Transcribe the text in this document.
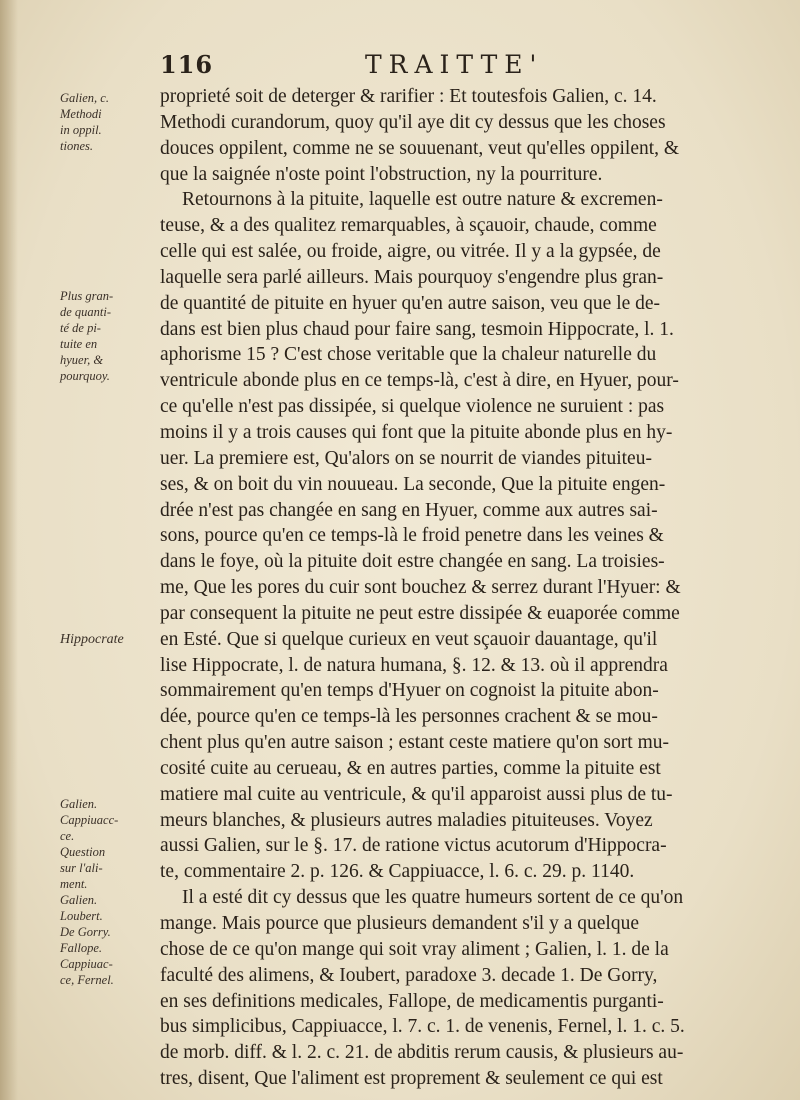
116	TRAITTE'
Galien, c.
Methodi
in oppil.
tiones.
Plus gran-
de quanti-
té de pi-
tuite en
hyuer, &
pourquoy.
Hippocrate
Galien.
Cappiuacc-
ce.
Question
sur l'ali-
ment.
Galien.
Loubert.
De Gorry.
Fallope.
Cappiuac-
ce, Fernel.
proprieté soit de deterger & rarifier : Et toutesfois Galien, c. 14.
Methodi curandorum, quoy qu'il aye dit cy dessus que les choses
douces oppilent, comme ne se souuenant, veut qu'elles oppilent, &
que la saignée n'oste point l'obstruction, ny la pourriture.
Retournons à la pituite, laquelle est outre nature & excremen-
teuse, & a des qualitez remarquables, à sçauoir, chaude, comme
celle qui est salée, ou froide, aigre, ou vitrée. Il y a la gypsée, de
laquelle sera parlé ailleurs. Mais pourquoy s'engendre plus gran-
de quantité de pituite en hyuer qu'en autre saison, veu que le de-
dans est bien plus chaud pour faire sang, tesmoin Hippocrate, l. 1.
aphorisme 15 ? C'est chose veritable que la chaleur naturelle du
ventricule abonde plus en ce temps-là, c'est à dire, en Hyuer, pour-
ce qu'elle n'est pas dissipée, si quelque violence ne suruient : pas
moins il y a trois causes qui font que la pituite abonde plus en hy-
uer. La premiere est, Qu'alors on se nourrit de viandes pituiteu-
ses, & on boit du vin nouueau. La seconde, Que la pituite engen-
drée n'est pas changée en sang en Hyuer, comme aux autres sai-
sons, pource qu'en ce temps-là le froid penetre dans les veines &
dans le foye, où la pituite doit estre changée en sang. La troisies-
me, Que les pores du cuir sont bouchez & serrez durant l'Hyuer: &
par consequent la pituite ne peut estre dissipée & euaporée comme
en Esté. Que si quelque curieux en veut sçauoir dauantage, qu'il
lise Hippocrate, l. de natura humana, §. 12. & 13. où il apprendra
sommairement qu'en temps d'Hyuer on cognoist la pituite abon-
dée, pource qu'en ce temps-là les personnes crachent & se mou-
chent plus qu'en autre saison ; estant ceste matiere qu'on sort mu-
cosité cuite au cerueau, & en autres parties, comme la pituite est
matiere mal cuite au ventricule, & qu'il apparoist aussi plus de tu-
meurs blanches, & plusieurs autres maladies pituiteuses. Voyez
aussi Galien, sur le §. 17. de ratione victus acutorum d'Hippocra-
te, commentaire 2. p. 126. & Cappiuacce, l. 6. c. 29. p. 1140.
Il a esté dit cy dessus que les quatre humeurs sortent de ce qu'on
mange. Mais pource que plusieurs demandent s'il y a quelque
chose de ce qu'on mange qui soit vray aliment ; Galien, l. 1. de la
faculté des alimens, & Ioubert, paradoxe 3. decade 1. De Gorry,
en ses definitions medicales, Fallope, de medicamentis purganti-
bus simplicibus, Cappiuacce, l. 7. c. 1. de venenis, Fernel, l. 1. c. 5.
de morb. diff. & l. 2. c. 21. de abditis rerum causis, & plusieurs au-
tres, disent, Que l'aliment est proprement & seulement ce qui est
